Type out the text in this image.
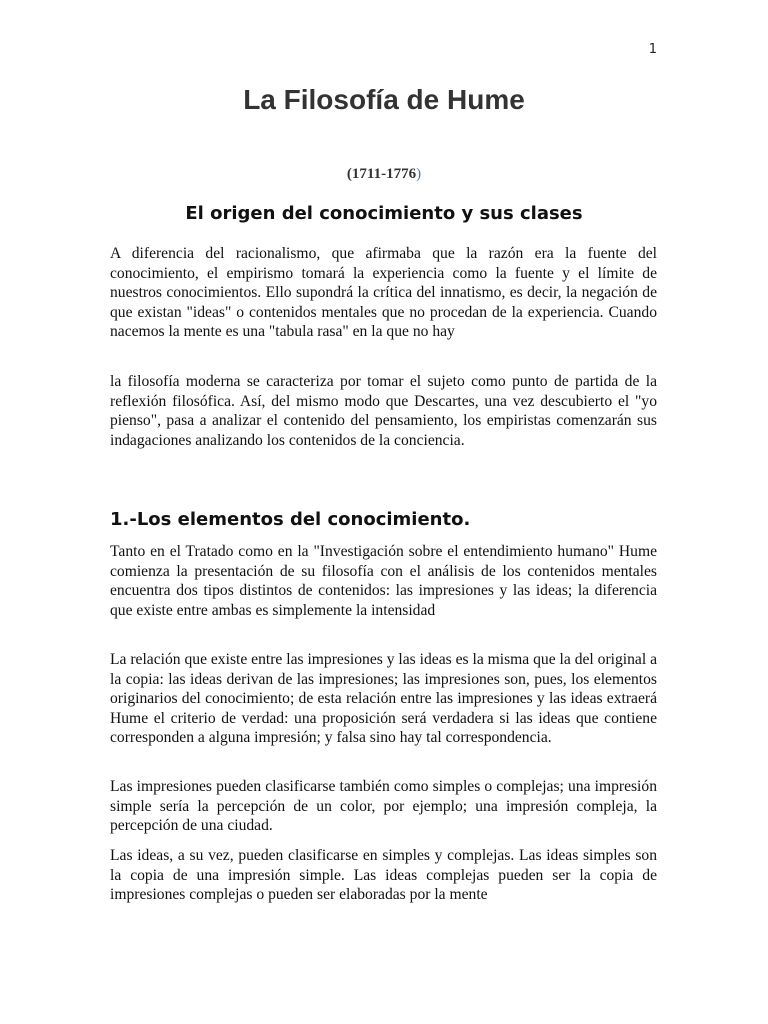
1
La Filosofía de Hume
(1711-1776)
El origen del conocimiento y sus clases

A diferencia del racionalismo, que afirmaba que la razón era la fuente del conocimiento, el empirismo tomará la experiencia como la fuente y el límite de nuestros conocimientos. Ello supondrá la crítica del innatismo, es decir, la negación de que existan "ideas" o contenidos mentales que no procedan de la experiencia. Cuando nacemos la mente es una "tabula rasa" en la que no hay

la filosofía moderna se caracteriza por tomar el sujeto como punto de partida de la reflexión filosófica. Así, del mismo modo que Descartes, una vez descubierto el "yo pienso", pasa a analizar el contenido del pensamiento, los empiristas comenzarán sus indagaciones analizando los contenidos de la conciencia.

1.-Los elementos del conocimiento.

Tanto en el Tratado como en la "Investigación sobre el entendimiento humano" Hume comienza la presentación de su filosofía con el análisis de los contenidos mentales encuentra dos tipos distintos de contenidos: las impresiones y las ideas; la diferencia que existe entre ambas es simplemente la intensidad

La relación que existe entre las impresiones y las ideas es la misma que la del original a la copia: las ideas derivan de las impresiones; las impresiones son, pues, los elementos originarios del conocimiento; de esta relación entre las impresiones y las ideas extraerá Hume el criterio de verdad: una proposición será verdadera si las ideas que contiene corresponden a alguna impresión; y falsa sino hay tal correspondencia.

Las impresiones pueden clasificarse también como simples o complejas; una impresión simple sería la percepción de un color, por ejemplo; una impresión compleja, la percepción de una ciudad.

Las ideas, a su vez, pueden clasificarse en simples y complejas. Las ideas simples son la copia de una impresión simple. Las ideas complejas pueden ser la copia de impresiones complejas o pueden ser elaboradas por la mente
